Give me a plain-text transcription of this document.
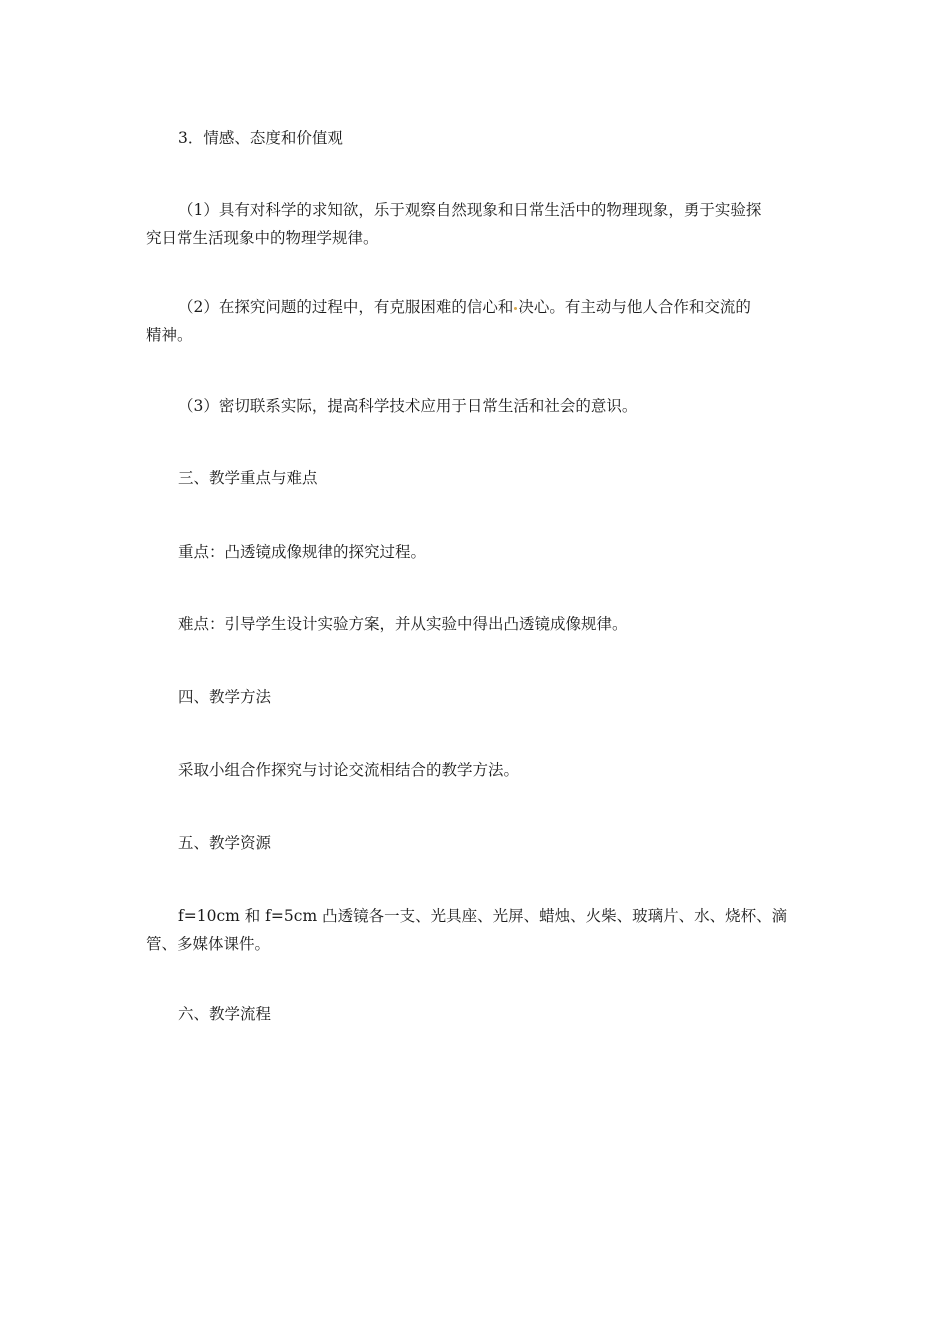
3．情感、态度和价值观
（1）具有对科学的求知欲，乐于观察自然现象和日常生活中的物理现象，勇于实验探
究日常生活现象中的物理学规律。
（2）在探究问题的过程中，有克服困难的信心和 决心。有主动与他人合作和交流的
精神。
（3）密切联系实际，提高科学技术应用于日常生活和社会的意识。
三、教学重点与难点
重点：凸透镜成像规律的探究过程。
难点：引导学生设计实验方案，并从实验中得出凸透镜成像规律。
四、教学方法
采取小组合作探究与讨论交流相结合的教学方法。
五、教学资源
f=10cm 和 f=5cm 凸透镜各一支、光具座、光屏、蜡烛、火柴、玻璃片、水、烧杯、滴
管、多媒体课件。
六、教学流程
